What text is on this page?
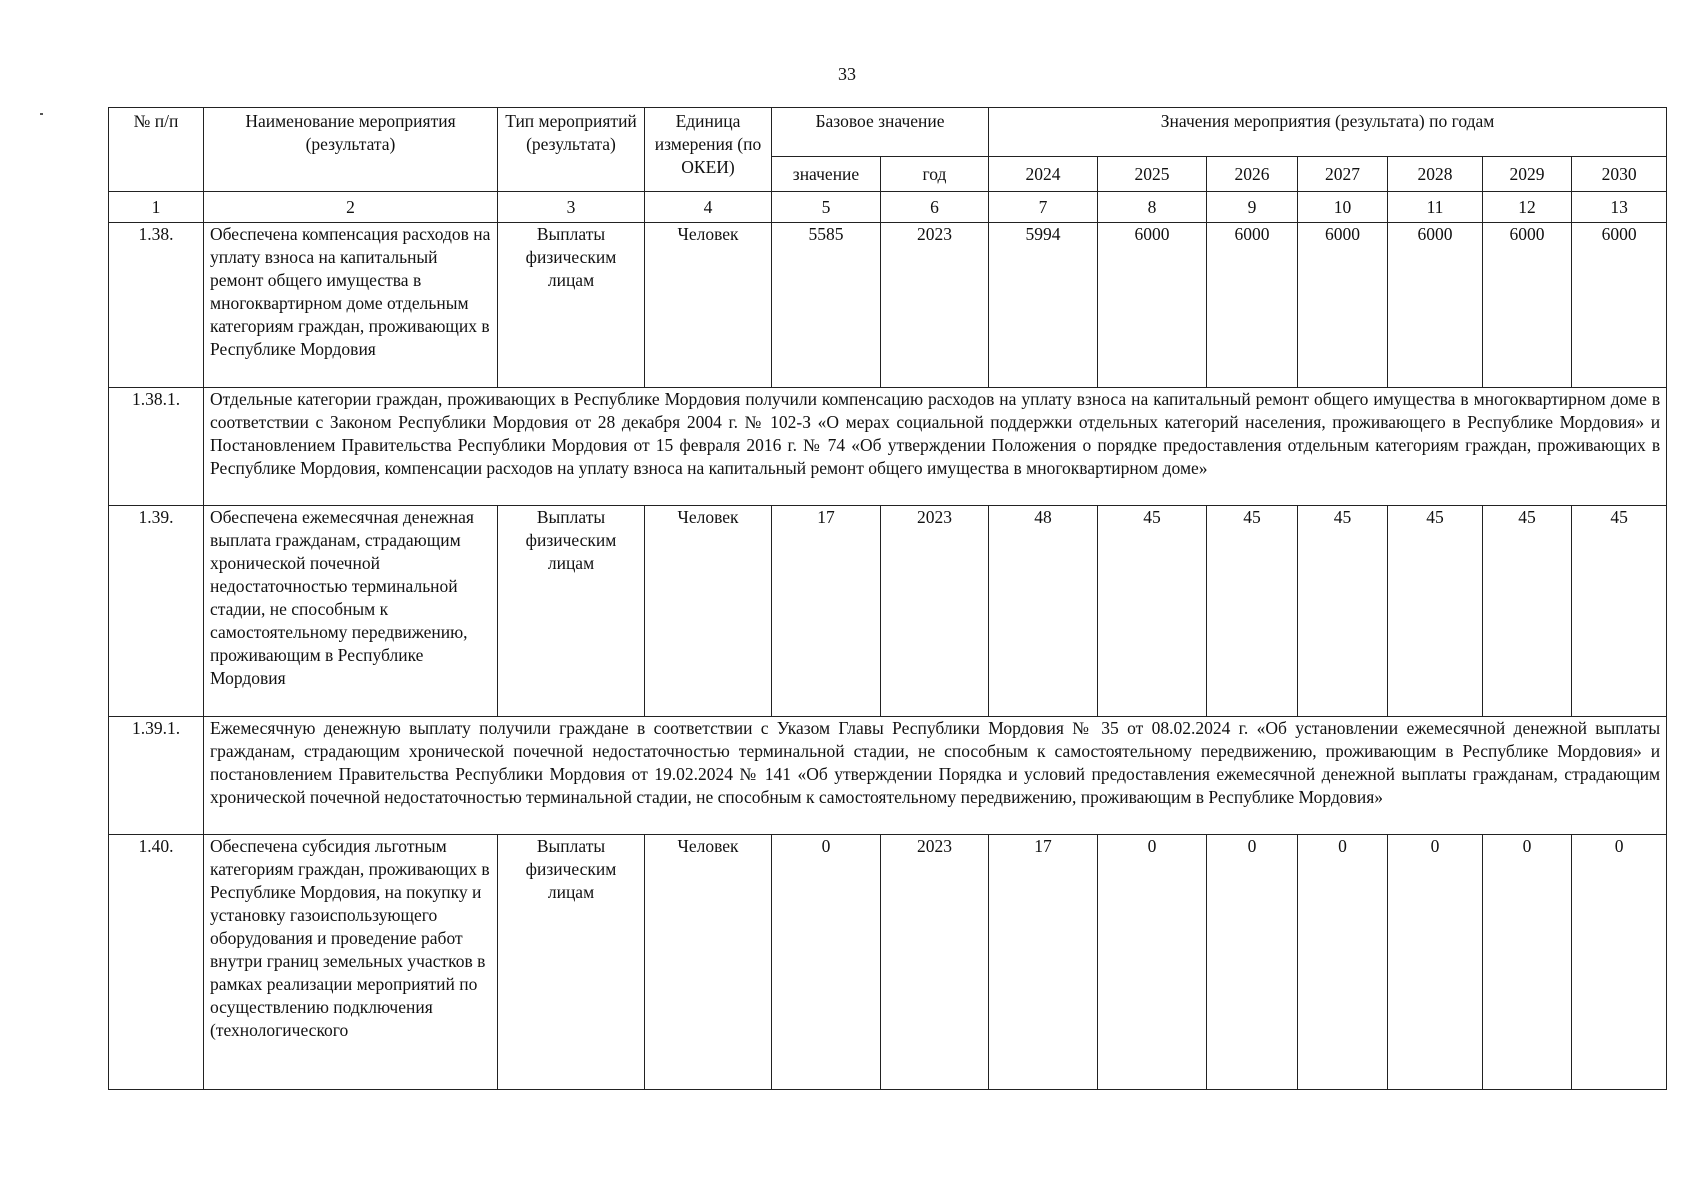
33
№ п/п	Наименование мероприятия (результата)	Тип мероприятий (результата)	Единица измерения (по ОКЕИ)	Базовое значение		Значения мероприятия (результата) по годам						
				значение	год	2024	2025	2026	2027	2028	2029	2030
1	2	3	4	5	6	7	8	9	10	11	12	13
1.38.	Обеспечена компенсация расходов на уплату взноса на капитальный ремонт общего имущества в многоквартирном доме отдельным категориям граждан, проживающих в Республике Мордовия	Выплаты физическим лицам	Человек	5585	2023	5994	6000	6000	6000	6000	6000	6000
1.38.1.	Отдельные категории граждан, проживающих в Республике Мордовия получили компенсацию расходов на уплату взноса на капитальный ремонт общего имущества в многоквартирном доме в соответствии с Законом Республики Мордовия от 28 декабря 2004 г. № 102-З «О мерах социальной поддержки отдельных категорий населения, проживающего в Республике Мордовия» и Постановлением Правительства Республики Мордовия от 15 февраля 2016 г. № 74 «Об утверждении Положения о порядке предоставления отдельным категориям граждан, проживающих в Республике Мордовия, компенсации расходов на уплату взноса на капитальный ремонт общего имущества в многоквартирном доме»											
1.39.	Обеспечена ежемесячная денежная выплата гражданам, страдающим хронической почечной недостаточностью терминальной стадии, не способным к самостоятельному передвижению, проживающим в Республике Мордовия	Выплаты физическим лицам	Человек	17	2023	48	45	45	45	45	45	45
1.39.1.	Ежемесячную денежную выплату получили граждане в соответствии с Указом Главы Республики Мордовия № 35 от 08.02.2024 г. «Об установлении ежемесячной денежной выплаты гражданам, страдающим хронической почечной недостаточностью терминальной стадии, не способным к самостоятельному передвижению, проживающим в Республике Мордовия» и постановлением Правительства Республики Мордовия от 19.02.2024 № 141 «Об утверждении Порядка и условий предоставления ежемесячной денежной выплаты гражданам, страдающим хронической почечной недостаточностью терминальной стадии, не способным к самостоятельному передвижению, проживающим в Республике Мордовия»											
1.40.	Обеспечена субсидия льготным категориям граждан, проживающих в Республике Мордовия, на покупку и установку газоиспользующего оборудования и проведение работ внутри границ земельных участков в рамках реализации мероприятий по осуществлению подключения (технологического	Выплаты физическим лицам	Человек	0	2023	17	0	0	0	0	0	0
